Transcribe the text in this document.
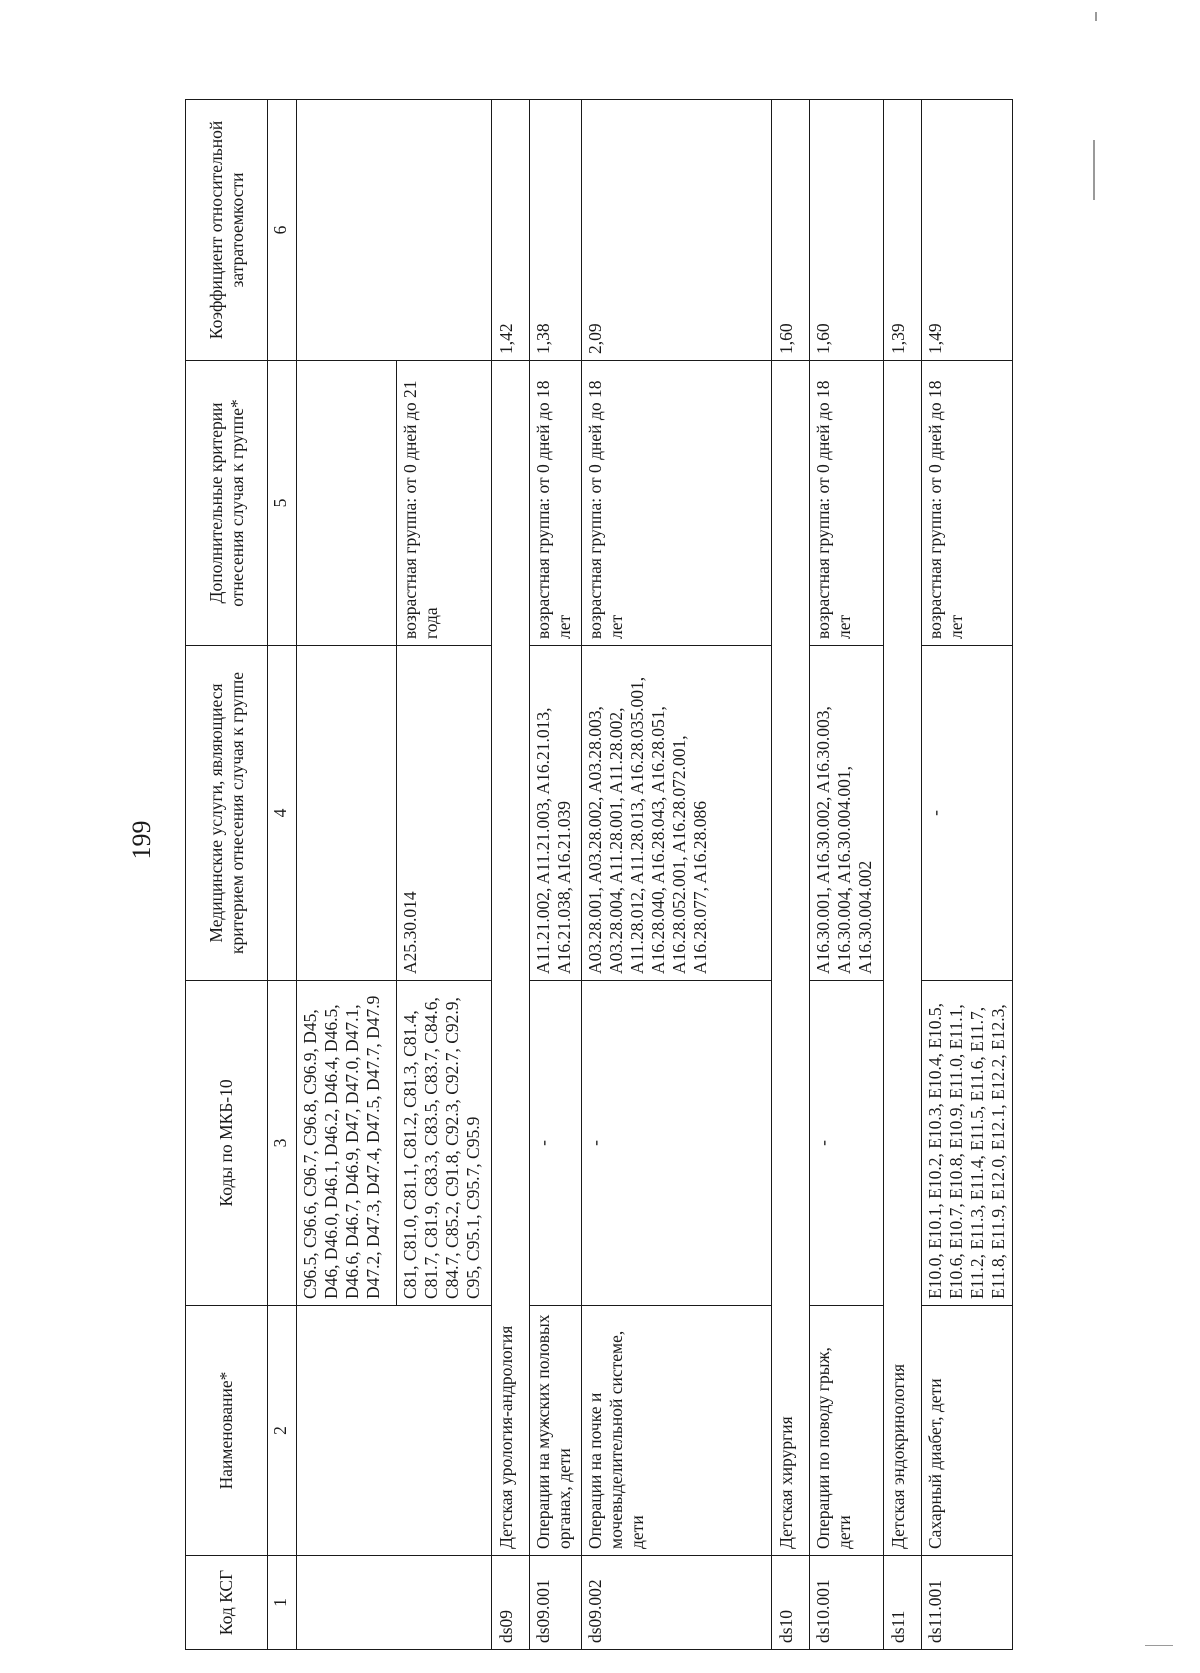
199
Код КСГ	Наименование*	Коды по МКБ-10	Медицинские услуги, являющиеся критерием отнесения случая к группе	Дополнительные критерии отнесения случая к группе*	Коэффициент относительной затратоемкости
1	2	3	4	5	6
		C96.5, C96.6, C96.7, C96.8, C96.9, D45, D46, D46.0, D46.1, D46.2, D46.4, D46.5, D46.6, D46.7, D46.9, D47, D47.0, D47.1, D47.2, D47.3, D47.4, D47.5, D47.7, D47.9			
		C81, C81.0, C81.1, C81.2, C81.3, C81.4, C81.7, C81.9, C83.3, C83.5, C83.7, C84.6, C84.7, C85.2, C91.8, C92.3, C92.7, C92.9, C95, C95.1, C95.7, C95.9	A25.30.014	возрастная группа: от 0 дней до 21 года	
ds09	Детская урология-андрология				1,42
ds09.001	Операции на мужских половых органах, дети	-	A11.21.002, A11.21.003, A16.21.013, A16.21.038, A16.21.039	возрастная группа: от 0 дней до 18 лет	1,38
ds09.002	Операции на почке и мочевыделительной системе, дети	-	A03.28.001, A03.28.002, A03.28.003, A03.28.004, A11.28.001, A11.28.002, A11.28.012, A11.28.013, A16.28.035.001, A16.28.040, A16.28.043, A16.28.051, A16.28.052.001, A16.28.072.001, A16.28.077, A16.28.086	возрастная группа: от 0 дней до 18 лет	2,09
ds10	Детская хирургия				1,60
ds10.001	Операции по поводу грыж, дети	-	A16.30.001, A16.30.002, A16.30.003, A16.30.004, A16.30.004.001, A16.30.004.002	возрастная группа: от 0 дней до 18 лет	1,60
ds11	Детская эндокринология				1,39
ds11.001	Сахарный диабет, дети	E10.0, E10.1, E10.2, E10.3, E10.4, E10.5, E10.6, E10.7, E10.8, E10.9, E11.0, E11.1, E11.2, E11.3, E11.4, E11.5, E11.6, E11.7, E11.8, E11.9, E12.0, E12.1, E12.2, E12.3,	-	возрастная группа: от 0 дней до 18 лет	1,49
